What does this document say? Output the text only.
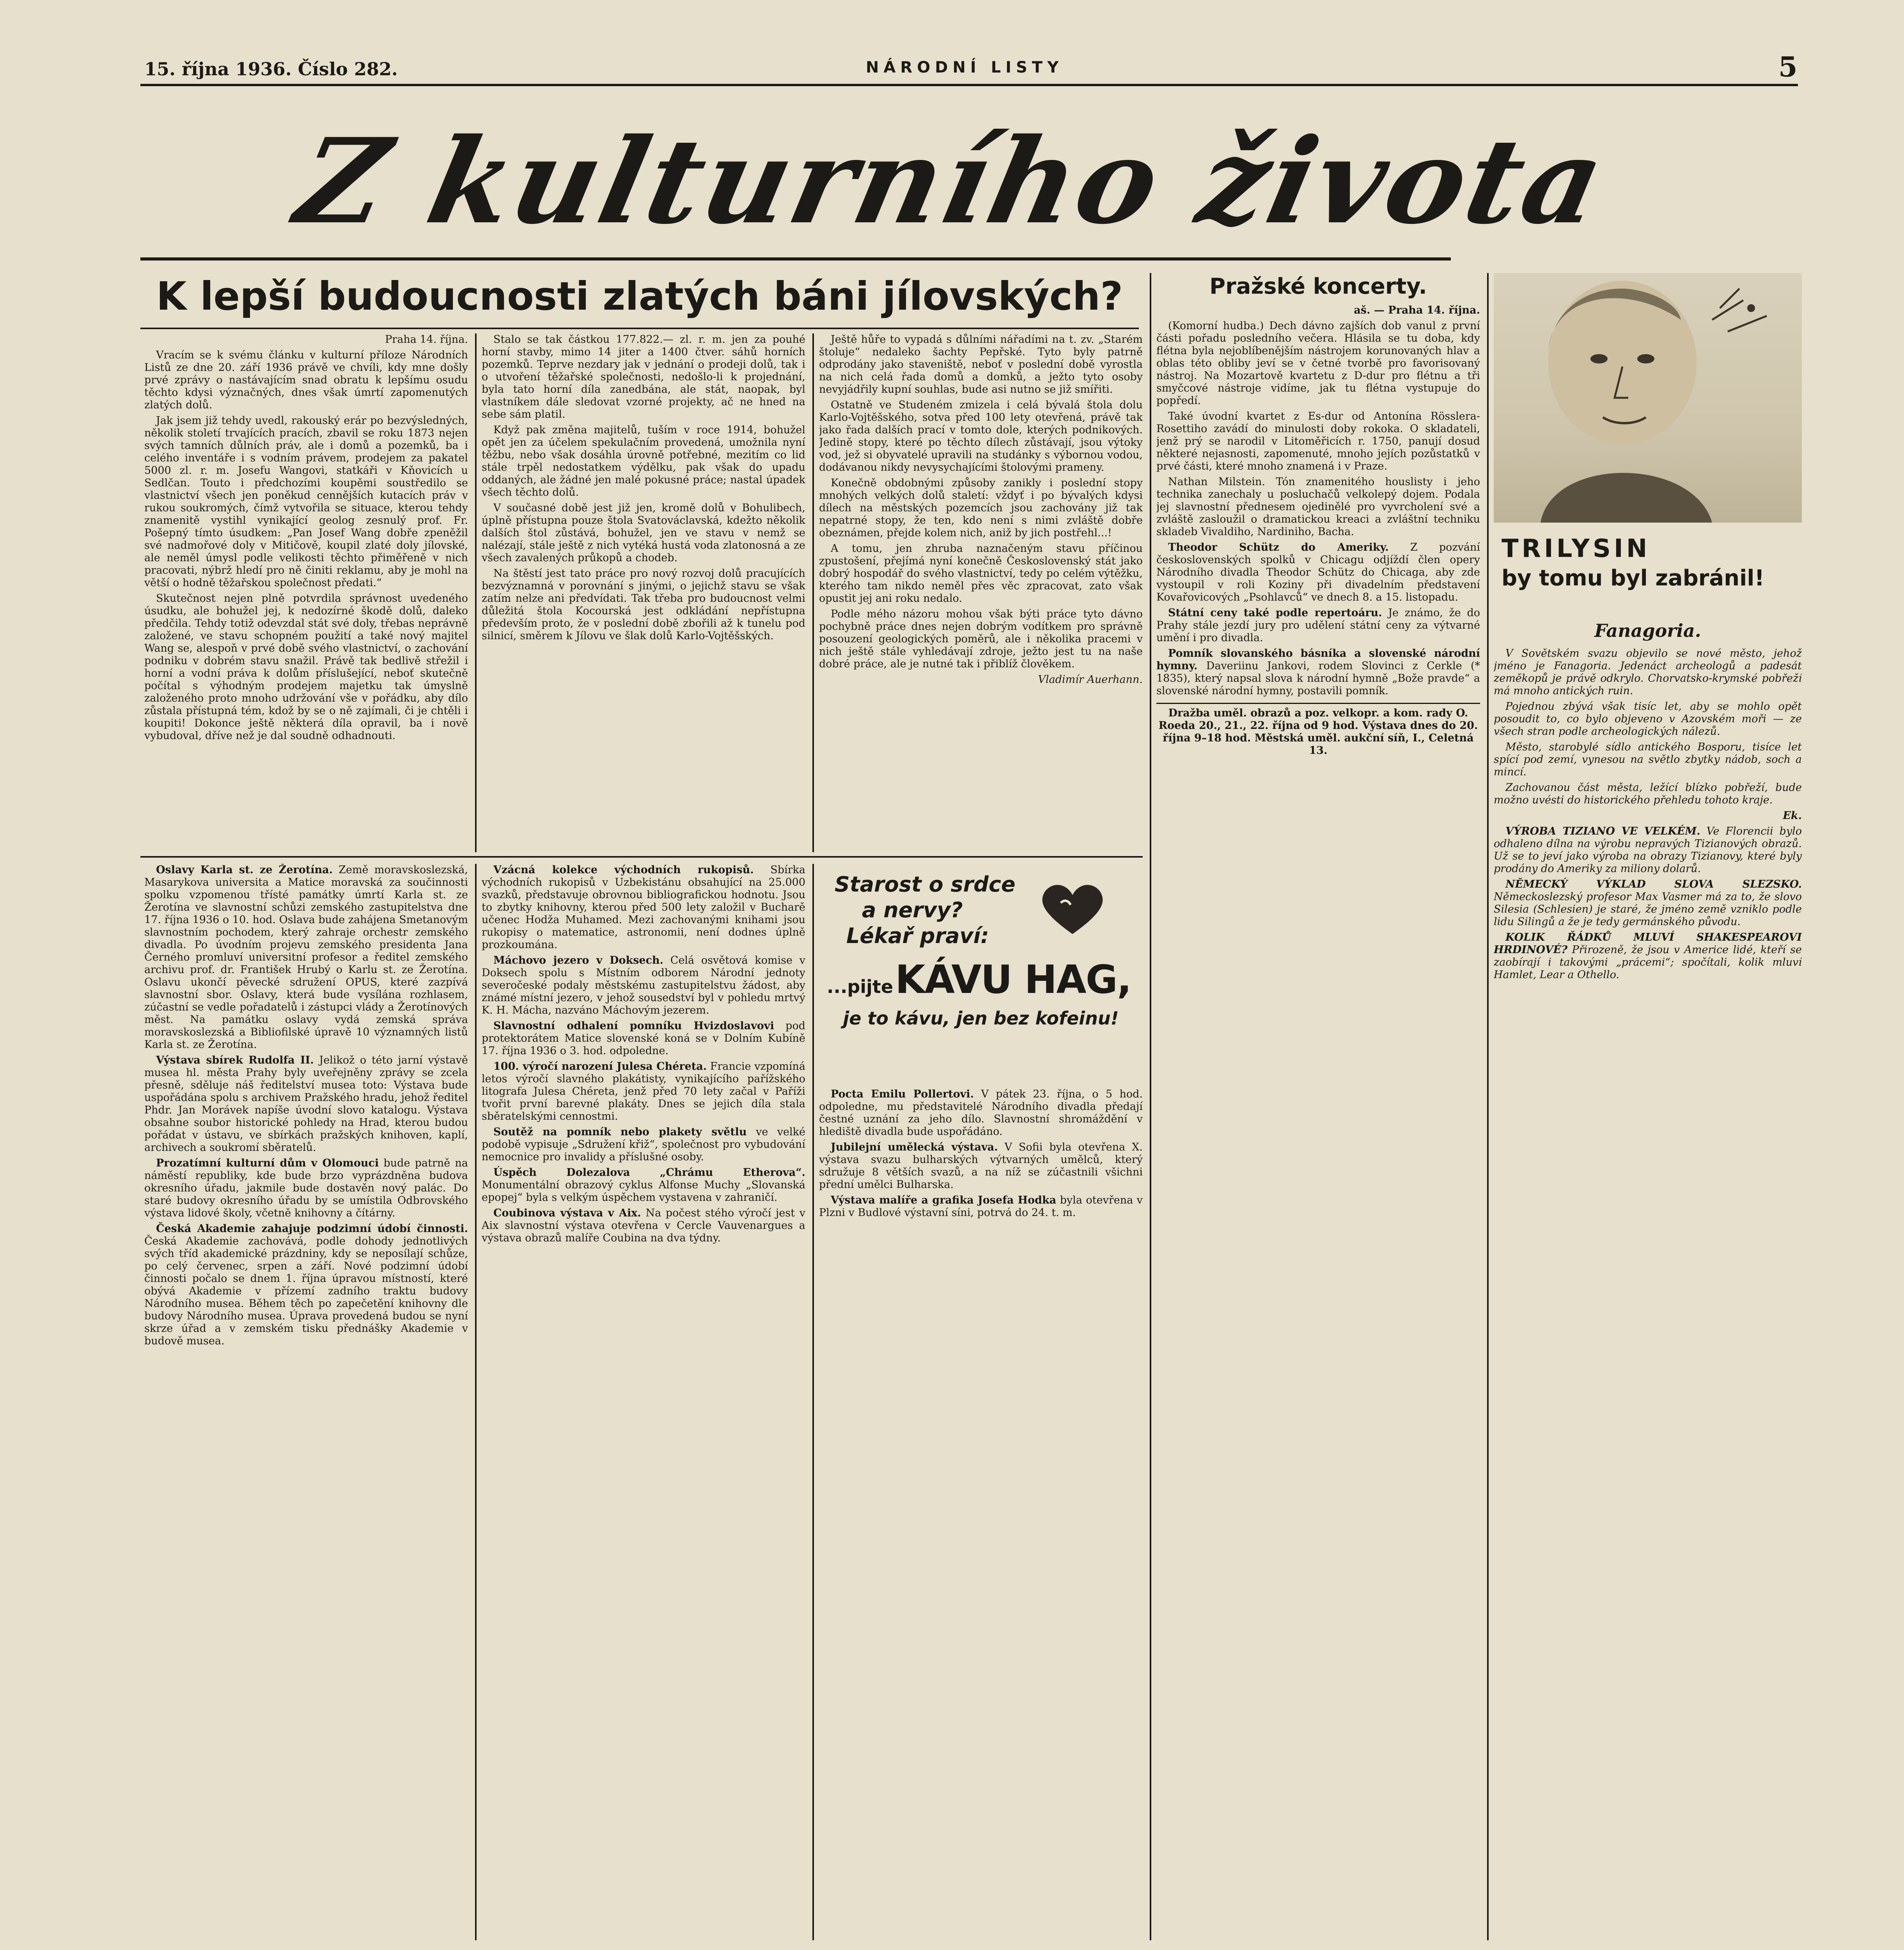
15. října 1936. Číslo 282.	NÁRODNÍ LISTY	5
Z kulturního života
K lepší budoucnosti zlatých báni jílovských?

Praha 14. října.

Vracím se k svému článku v kulturní příloze Národních Listů ze dne 20. září 1936 právě ve chvíli, kdy mne došly prvé zprávy o nastávajícím snad obratu k lepšímu osudu těchto kdysi význačných, dnes však úmrtí zapomenutých zlatých dolů.

Jak jsem již tehdy uvedl, rakouský erár po bezvýsledných, několik století trvajících pracích, zbavil se roku 1873 nejen svých tamních důlních práv, ale i domů a pozemků, ba i celého inventáře i s vodním právem, prodejem za pakatel 5000 zl. r. m. Josefu Wangovi, statkáři v Kňovicích u Sedlčan. Touto i předchozími koupěmi soustředilo se vlastnictví všech jen poněkud cennějších kutacích práv v rukou soukromých, čímž vytvořila se situace, kterou tehdy znamenitě vystihl vynikající geolog zesnulý prof. Fr. Pošepný tímto úsudkem: „Pan Josef Wang dobře zpeněžil své nadmořové doly v Mitičově, koupil zlaté doly jílovské, ale neměl úmysl podle velikosti těchto přiměřeně v nich pracovati, nýbrž hledí pro ně činiti reklamu, aby je mohl na větší o hodně těžařskou společnost předati.“

Skutečnost nejen plně potvrdila správnost uvedeného úsudku, ale bohužel jej, k nedozírné škodě dolů, daleko předčila. Tehdy totiž odevzdal stát své doly, třebas neprávně založené, ve stavu schopném použití a také nový majitel Wang se, alespoň v prvé době svého vlastnictví, o zachování podniku v dobrém stavu snažil. Právě tak bedlivě střežil i horní a vodní práva k dolům příslušející, neboť skutečně počítal s výhodným prodejem majetku tak úmyslně založeného proto mnoho udržování vše v pořádku, aby dílo zůstala přístupná tém, kdož by se o ně zajímali, či je chtěli i koupiti! Dokonce ještě některá díla opravil, ba i nově vybudoval, dříve než je dal soudně odhadnouti.

Stalo se tak částkou 177.822.— zl. r. m. jen za pouhé horní stavby, mimo 14 jiter a 1400 čtver. sáhů horních pozemků. Teprve nezdary jak v jednání o prodeji dolů, tak i o utvoření těžařské společnosti, nedošlo-li k projednání, byla tato horní díla zanedbána, ale stát, naopak, byl vlastníkem dále sledovat vzorné projekty, ač ne hned na sebe sám platil.

Když pak změna majitelů, tuším v roce 1914, bohužel opět jen za účelem spekulačním provedená, umožnila nyní těžbu, nebo však dosáhla úrovně potřebné, mezitím co lid stále trpěl nedostatkem výdělku, pak však do upadu oddaných, ale žádné jen malé pokusné práce; nastal úpadek všech těchto dolů.

V současné době jest již jen, kromě dolů v Bohulibech, úplně přístupna pouze štola Svatováclavská, kdežto několik dalších štol zůstává, bohužel, jen ve stavu v nemž se nalézají, stále ještě z nich vytéká hustá voda zlatonosná a ze všech zavalených průkopů a chodeb.

Na štěstí jest tato práce pro nový rozvoj dolů pracujících bezvýznamná v porovnání s jinými, o jejichž stavu se však zatím nelze ani předvídati. Tak třeba pro budoucnost velmi důležitá štola Kocourská jest odkládání nepřístupna především proto, že v poslední době zbořili až k tunelu pod silnicí, směrem k Jílovu ve šlak dolů Karlo-Vojtěšských.

Ještě hůře to vypadá s důlními nářadími na t. zv. „Starém štoluje“ nedaleko šachty Pepřské. Tyto byly patrně odprodány jako staveniště, neboť v poslední době vyrostla na nich celá řada domů a domků, a ježto tyto osoby nevyjádřily kupní souhlas, bude asi nutno se již smířiti.

Ostatně ve Studeném zmizela i celá bývalá štola dolu Karlo-Vojtěšského, sotva před 100 lety otevřená, právě tak jako řada dalších prací v tomto dole, kterých podnikových. Jedině stopy, které po těchto dílech zůstávají, jsou výtoky vod, jež si obyvatelé upravili na studánky s výbornou vodou, dodávanou nikdy nevysychajícími štolovými prameny.

Konečně obdobnými způsoby zanikly i poslední stopy mnohých velkých dolů staletí: vždyť i po bývalých kdysi dílech na městských pozemcích jsou zachovány již tak nepatrné stopy, že ten, kdo není s nimi zvláště dobře obeznámen, přejde kolem nich, aniž by jich postřehl...!

A tomu, jen zhruba naznačeným stavu příčinou zpustošení, přejímá nyní konečně Československý stát jako dobrý hospodář do svého vlastnictví, tedy po celém výtěžku, kterého tam nikdo neměl přes věc zpracovat, zato však opustit jej ani roku nedalo.

Podle mého názoru mohou však býti práce tyto dávno pochybně práce dnes nejen dobrým vodítkem pro správně posouzení geologických poměrů, ale i několika pracemi v nich ještě stále vyhledávají zdroje, ježto jest tu na naše dobré práce, ale je nutné tak i přiblíž člověkem.

Vladimír Auerhann.

Oslavy Karla st. ze Žerotína. Země moravskoslezská, Masarykova universita a Matice moravská za součinnosti spolku vzpomenou třísté památky úmrtí Karla st. ze Žerotína ve slavnostní schůzi zemského zastupitelstva dne 17. října 1936 o 10. hod. Oslava bude zahájena Smetanovým slavnostním pochodem, který zahraje orchestr zemského divadla. Po úvodním projevu zemského presidenta Jana Černého promluví universitní profesor a ředitel zemského archivu prof. dr. František Hrubý o Karlu st. ze Žerotína. Oslavu ukončí pěvecké sdružení OPUS, které zazpívá slavnostní sbor. Oslavy, která bude vysílána rozhlasem, zúčastní se vedle pořadatelů i zástupci vlády a Žerotínových měst. Na památku oslavy vydá zemská správa moravskoslezská a Bibliofilské úpravě 10 významných listů Karla st. ze Žerotína.

Výstava sbírek Rudolfa II. Jelikož o této jarní výstavě musea hl. města Prahy byly uveřejněny zprávy se zcela přesně, sděluje náš ředitelství musea toto: Výstava bude uspořádána spolu s archivem Pražského hradu, jehož ředitel Phdr. Jan Morávek napíše úvodní slovo katalogu. Výstava obsahne soubor historické pohledy na Hrad, kterou budou pořádat v ústavu, ve sbírkách pražských knihoven, kaplí, archivech a soukromí sběratelů.

Prozatímní kulturní dům v Olomouci bude patrně na náměstí republiky, kde bude brzo vyprázdněna budova okresního úřadu, jakmile bude dostavěn nový palác. Do staré budovy okresního úřadu by se umístila Odbrovského výstava lidové školy, včetně knihovny a čítárny.

Česká Akademie zahajuje podzimní údobí činnosti. Česká Akademie zachovává, podle dohody jednotlivých svých tříd akademické prázdniny, kdy se neposílají schůze, po celý červenec, srpen a září. Nové podzimní údobí činnosti počalo se dnem 1. října úpravou místností, které obývá Akademie v přízemí zadního traktu budovy Národního musea. Během těch po zapečetění knihovny dle budovy Národního musea. Úprava provedená budou se nyní skrze úřad a v zemském tisku přednášky Akademie v budově musea.

Vzácná kolekce východních rukopisů. Sbírka východních rukopisů v Uzbekistánu obsahující na 25.000 svazků, představuje obrovnou bibliografickou hodnotu. Jsou to zbytky knihovny, kterou před 500 lety založil v Bucharě učenec Hodža Muhamed. Mezi zachovanými knihami jsou rukopisy o matematice, astronomii, není dodnes úplně prozkoumána.

Máchovo jezero v Doksech. Celá osvětová komise v Doksech spolu s Místním odborem Národní jednoty severočeské podaly městskému zastupitelstvu žádost, aby známé místní jezero, v jehož sousedství byl v pohledu mrtvý K. H. Mácha, nazváno Máchovým jezerem.

Slavnostní odhalení pomníku Hvizdoslavovi pod protektorátem Matice slovenské koná se v Dolním Kubíně 17. října 1936 o 3. hod. odpoledne.

100. výročí narození Julesa Chéreta. Francie vzpomíná letos výročí slavného plakátisty, vynikajícího pařížského litografa Julesa Chéreta, jenž před 70 lety začal v Paříži tvořit první barevné plakáty. Dnes se jejich díla stala sběratelskými cennostmi.

Soutěž na pomník nebo plakety světlu ve velké podobě vypisuje „Sdružení křiž“, společnost pro vybudování nemocnice pro invalidy a příslušné osoby.

Úspěch Dolezalova „Chrámu Etherova“. Monumentální obrazový cyklus Alfonse Muchy „Slovanská epopej“ byla s velkým úspěchem vystavena v zahraničí.

Coubinova výstava v Aix. Na počest stého výročí jest v Aix slavnostní výstava otevřena v Cercle Vauvenargues a výstava obrazů malíře Coubina na dva týdny.

Starost o srdce
a nervy?
Lékař praví:
...pijte KÁVU HAG,
je to kávu, jen bez kofeinu!

Pocta Emilu Pollertovi. V pátek 23. října, o 5 hod. odpoledne, mu představitelé Národního divadla předají čestné uznání za jeho dílo. Slavnostní shromáždění v hlediště divadla bude uspořádáno.

Jubilejní umělecká výstava. V Sofii byla otevřena X. výstava svazu bulharských výtvarných umělců, který sdružuje 8 větších svazů, a na níž se zúčastnili všichni přední umělci Bulharska.

Výstava malíře a grafika Josefa Hodka byla otevřena v Plzni v Budlové výstavní síni, potrvá do 24. t. m.

Pražské koncerty.

aš. — Praha 14. října.

(Komorní hudba.) Dech dávno zajších dob vanul z první části pořadu posledního večera. Hlásila se tu doba, kdy flétna byla nejoblíbenějším nástrojem korunovaných hlav a oblas této obliby jeví se v četné tvorbě pro favorisovaný nástroj. Na Mozartově kvartetu z D-dur pro flétnu a tři smyčcové nástroje vidíme, jak tu flétna vystupuje do popředí.

Také úvodní kvartet z Es-dur od Antonína Rösslera-Rosettiho zavádí do minulosti doby rokoka. O skladateli, jenž prý se narodil v Litoměřicích r. 1750, panují dosud některé nejasnosti, zapomenuté, mnoho jejích pozůstatků v prvé části, které mnoho znamená i v Praze.

Nathan Milstein. Tón znamenitého houslisty i jeho technika zanechaly u posluchačů velkolepý dojem. Podala jej slavnostní přednesem ojedinělé pro vyvrcholení své a zvláště zasloužil o dramatickou kreaci a zvláštní techniku skladeb Vivaldiho, Nardiniho, Bacha.

Theodor Schütz do Ameriky. Z pozvání československých spolků v Chicagu odjíždí člen opery Národního divadla Theodor Schütz do Chicaga, aby zde vystoupil v roli Koziny při divadelním představení Kovařovicových „Psohlavců“ ve dnech 8. a 15. listopadu.

Státní ceny také podle repertoáru. Je známo, že do Prahy stále jezdí jury pro udělení státní ceny za výtvarné umění i pro divadla.

Pomník slovanského básníka a slovenské národní hymny. Daveriinu Jankovi, rodem Slovinci z Cerkle (* 1835), který napsal slova k národní hymně „Bože pravde“ a slovenské národní hymny, postavili pomník.

Dražba uměl. obrazů a poz. velkopr. a kom. rady O. Roeda 20., 21., 22. října od 9 hod. Výstava dnes do 20. října 9–18 hod. Městská uměl. aukční síň, I., Celetná 13.

TRILYSIN
by tomu byl zabránil!
Fanagoria.

V Sovětském svazu objevilo se nové město, jehož jméno je Fanagoria. Jedenáct archeologů a padesát zeměkopů je právě odkrylo. Chorvatsko-krymské pobřeží má mnoho antických ruin.

Pojednou zbývá však tisíc let, aby se mohlo opět posoudit to, co bylo objeveno v Azovském moři — ze všech stran podle archeologických nálezů.

Město, starobylé sídlo antického Bosporu, tisíce let spící pod zemí, vynesou na světlo zbytky nádob, soch a mincí.

Zachovanou část města, ležící blízko pobřeží, bude možno uvésti do historického přehledu tohoto kraje.

Ek.

VÝROBA TIZIANO VE VELKÉM. Ve Florencii bylo odhaleno dílna na výrobu nepravých Tizianových obrazů. Už se to jeví jako výroba na obrazy Tizianovy, které byly prodány do Ameriky za miliony dolarů.

NĚMECKÝ VÝKLAD SLOVA SLEZSKO. Německoslezský profesor Max Vasmer má za to, že slovo Silesia (Schlesien) je staré, že jméno země vzniklo podle lidu Silingů a že je tedy germánského původu.

KOLIK ŘÁDKŮ MLUVÍ SHAKESPEAROVI HRDINOVÉ? Přirozeně, že jsou v Americe lidé, kteří se zaobírají i takovými „prácemi“; spočítali, kolik mluví Hamlet, Lear a Othello.
